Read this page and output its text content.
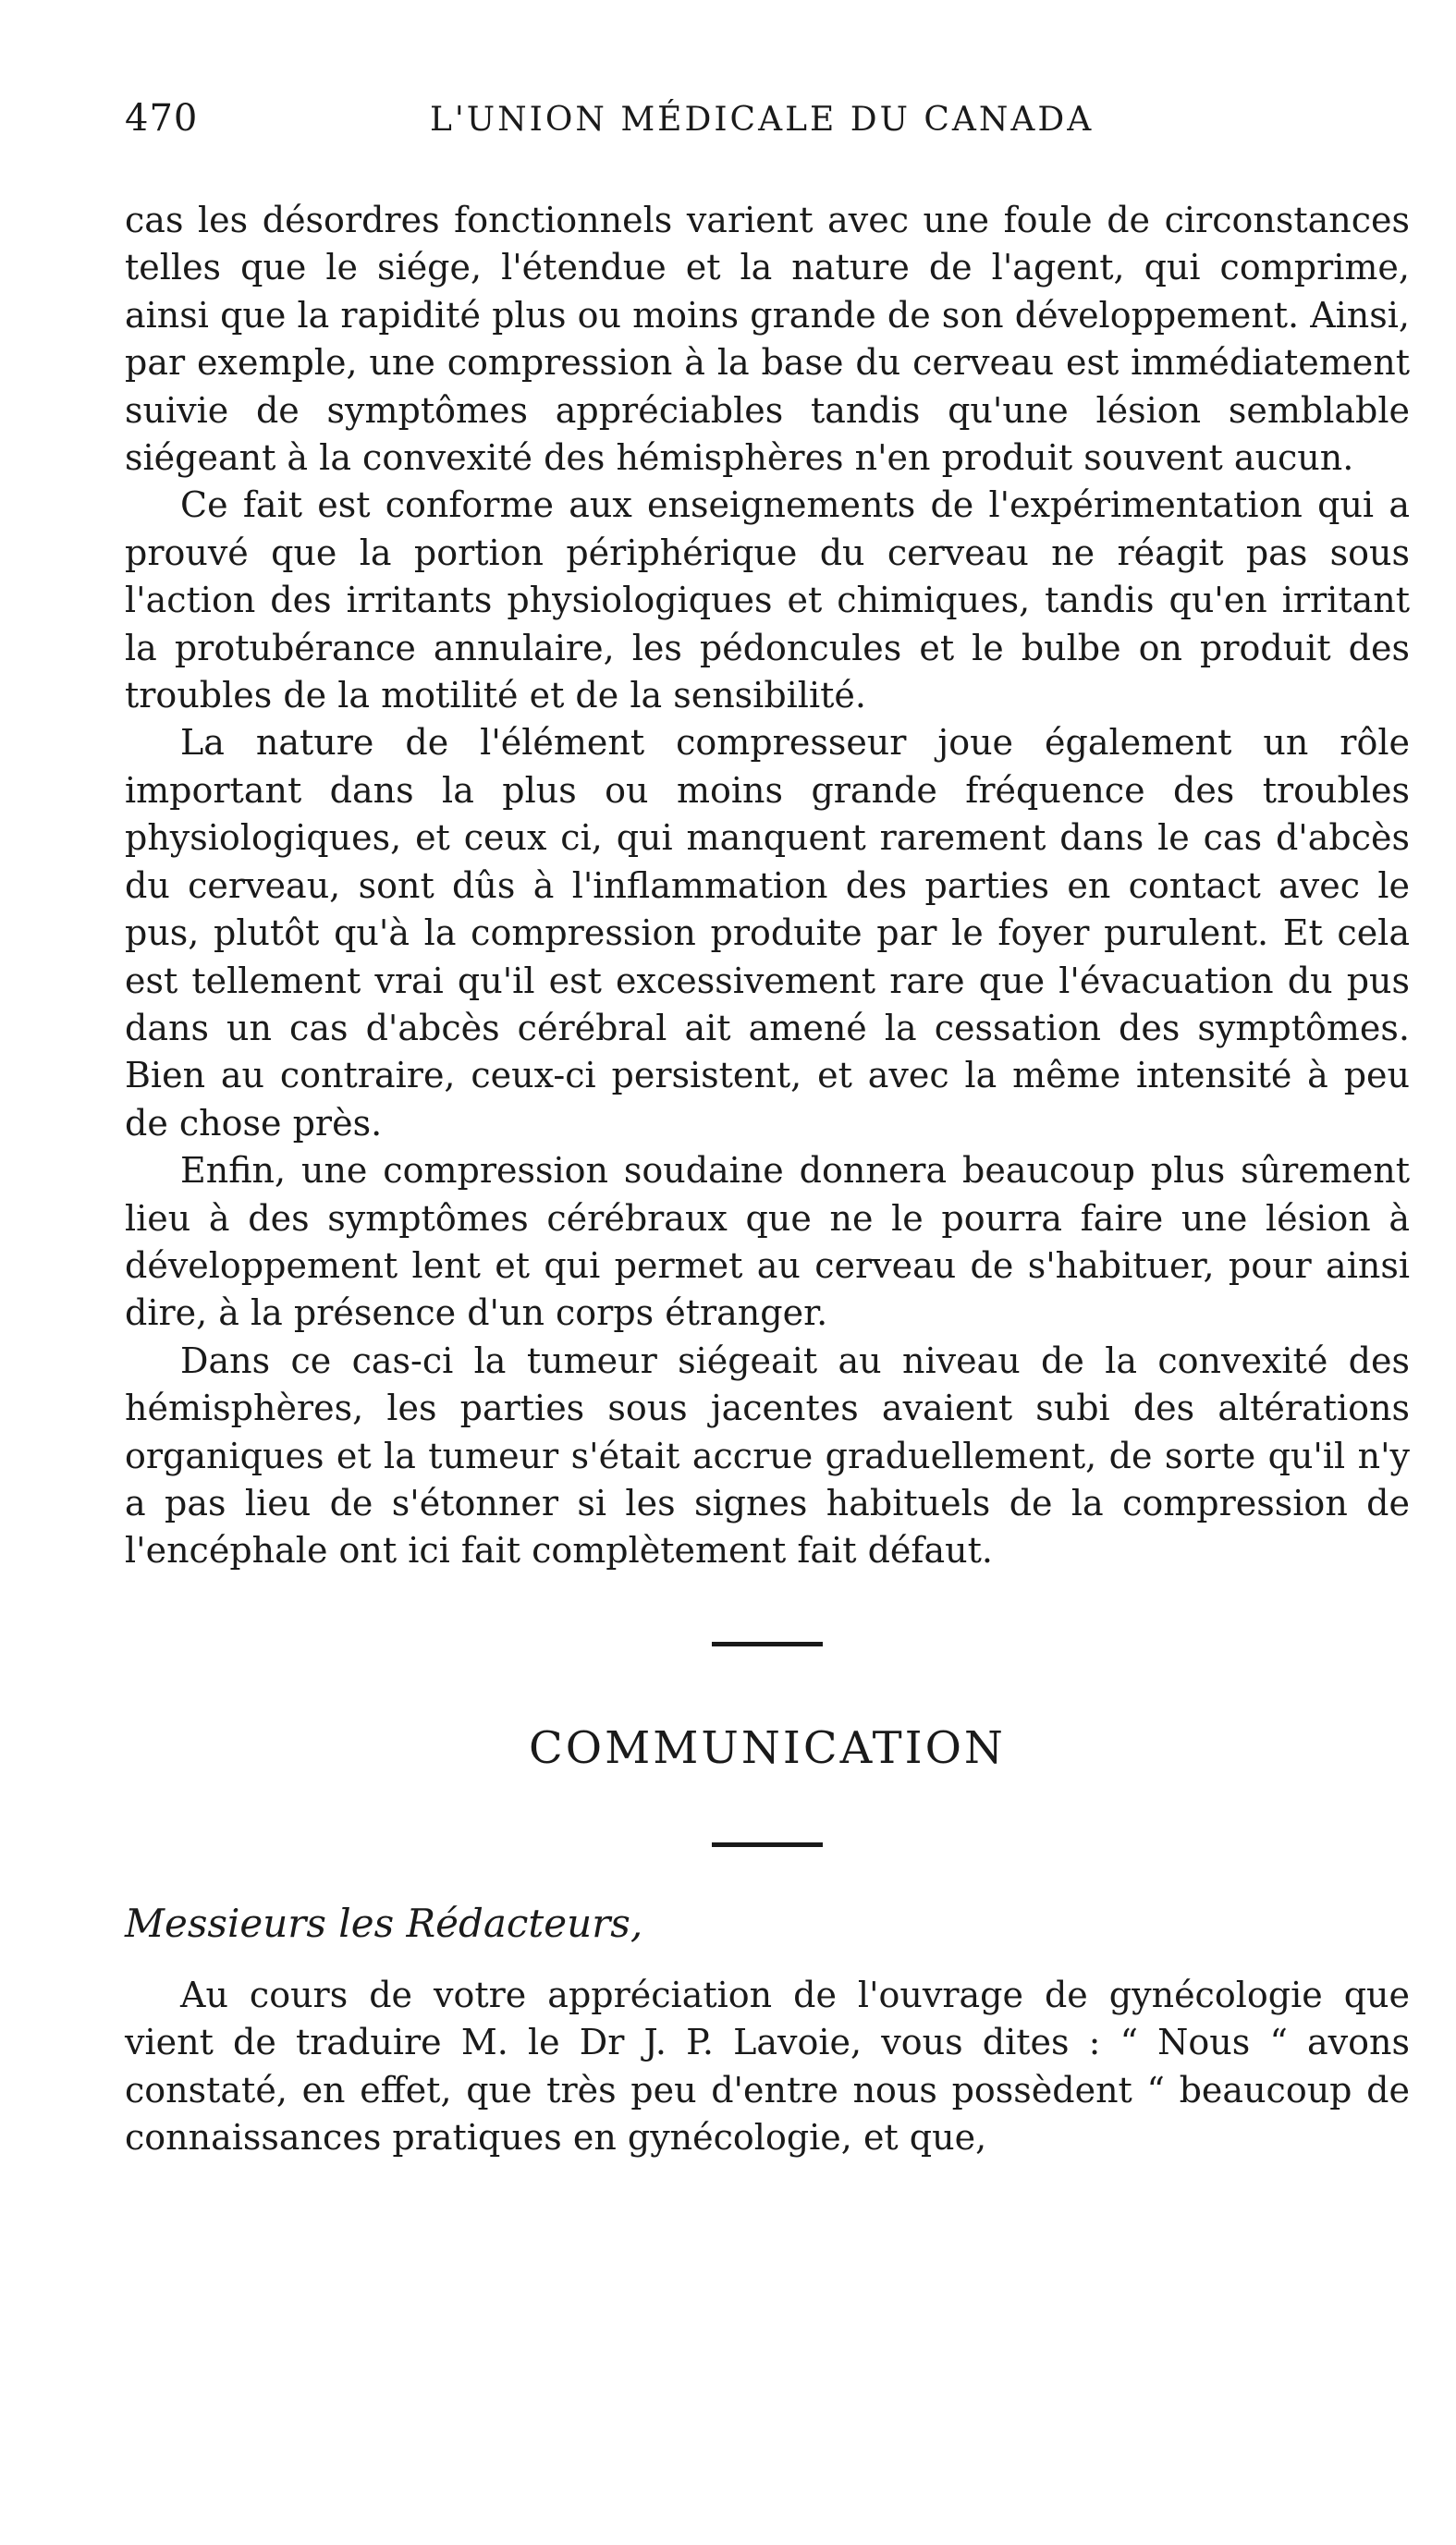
470	L'UNION MÉDICALE DU CANADA

cas les désordres fonctionnels varient avec une foule de circonstances telles que le siége, l'étendue et la nature de l'agent, qui comprime, ainsi que la rapidité plus ou moins grande de son développement. Ainsi, par exemple, une compression à la base du cerveau est immédiatement suivie de symptômes appréciables tandis qu'une lésion semblable siégeant à la convexité des hémisphères n'en produit souvent aucun.

Ce fait est conforme aux enseignements de l'expérimentation qui a prouvé que la portion périphérique du cerveau ne réagit pas sous l'action des irritants physiologiques et chimiques, tandis qu'en irritant la protubérance annulaire, les pédoncules et le bulbe on produit des troubles de la motilité et de la sensibilité.

La nature de l'élément compresseur joue également un rôle important dans la plus ou moins grande fréquence des troubles physiologiques, et ceux ci, qui manquent rarement dans le cas d'abcès du cerveau, sont dûs à l'inflammation des parties en contact avec le pus, plutôt qu'à la compression produite par le foyer purulent. Et cela est tellement vrai qu'il est excessivement rare que l'évacuation du pus dans un cas d'abcès cérébral ait amené la cessation des symptômes. Bien au contraire, ceux-ci persistent, et avec la même intensité à peu de chose près.

Enfin, une compression soudaine donnera beaucoup plus sûrement lieu à des symptômes cérébraux que ne le pourra faire une lésion à développement lent et qui permet au cerveau de s'habituer, pour ainsi dire, à la présence d'un corps étranger.

Dans ce cas-ci la tumeur siégeait au niveau de la convexité des hémisphères, les parties sous jacentes avaient subi des altérations organiques et la tumeur s'était accrue graduellement, de sorte qu'il n'y a pas lieu de s'étonner si les signes habituels de la compression de l'encéphale ont ici fait complètement fait défaut.

COMMUNICATION
Messieurs les Rédacteurs,

Au cours de votre appréciation de l'ouvrage de gynécologie que vient de traduire M. le Dr J. P. Lavoie, vous dites : “ Nous “ avons constaté, en effet, que très peu d'entre nous possèdent “ beaucoup de connaissances pratiques en gynécologie, et que,
